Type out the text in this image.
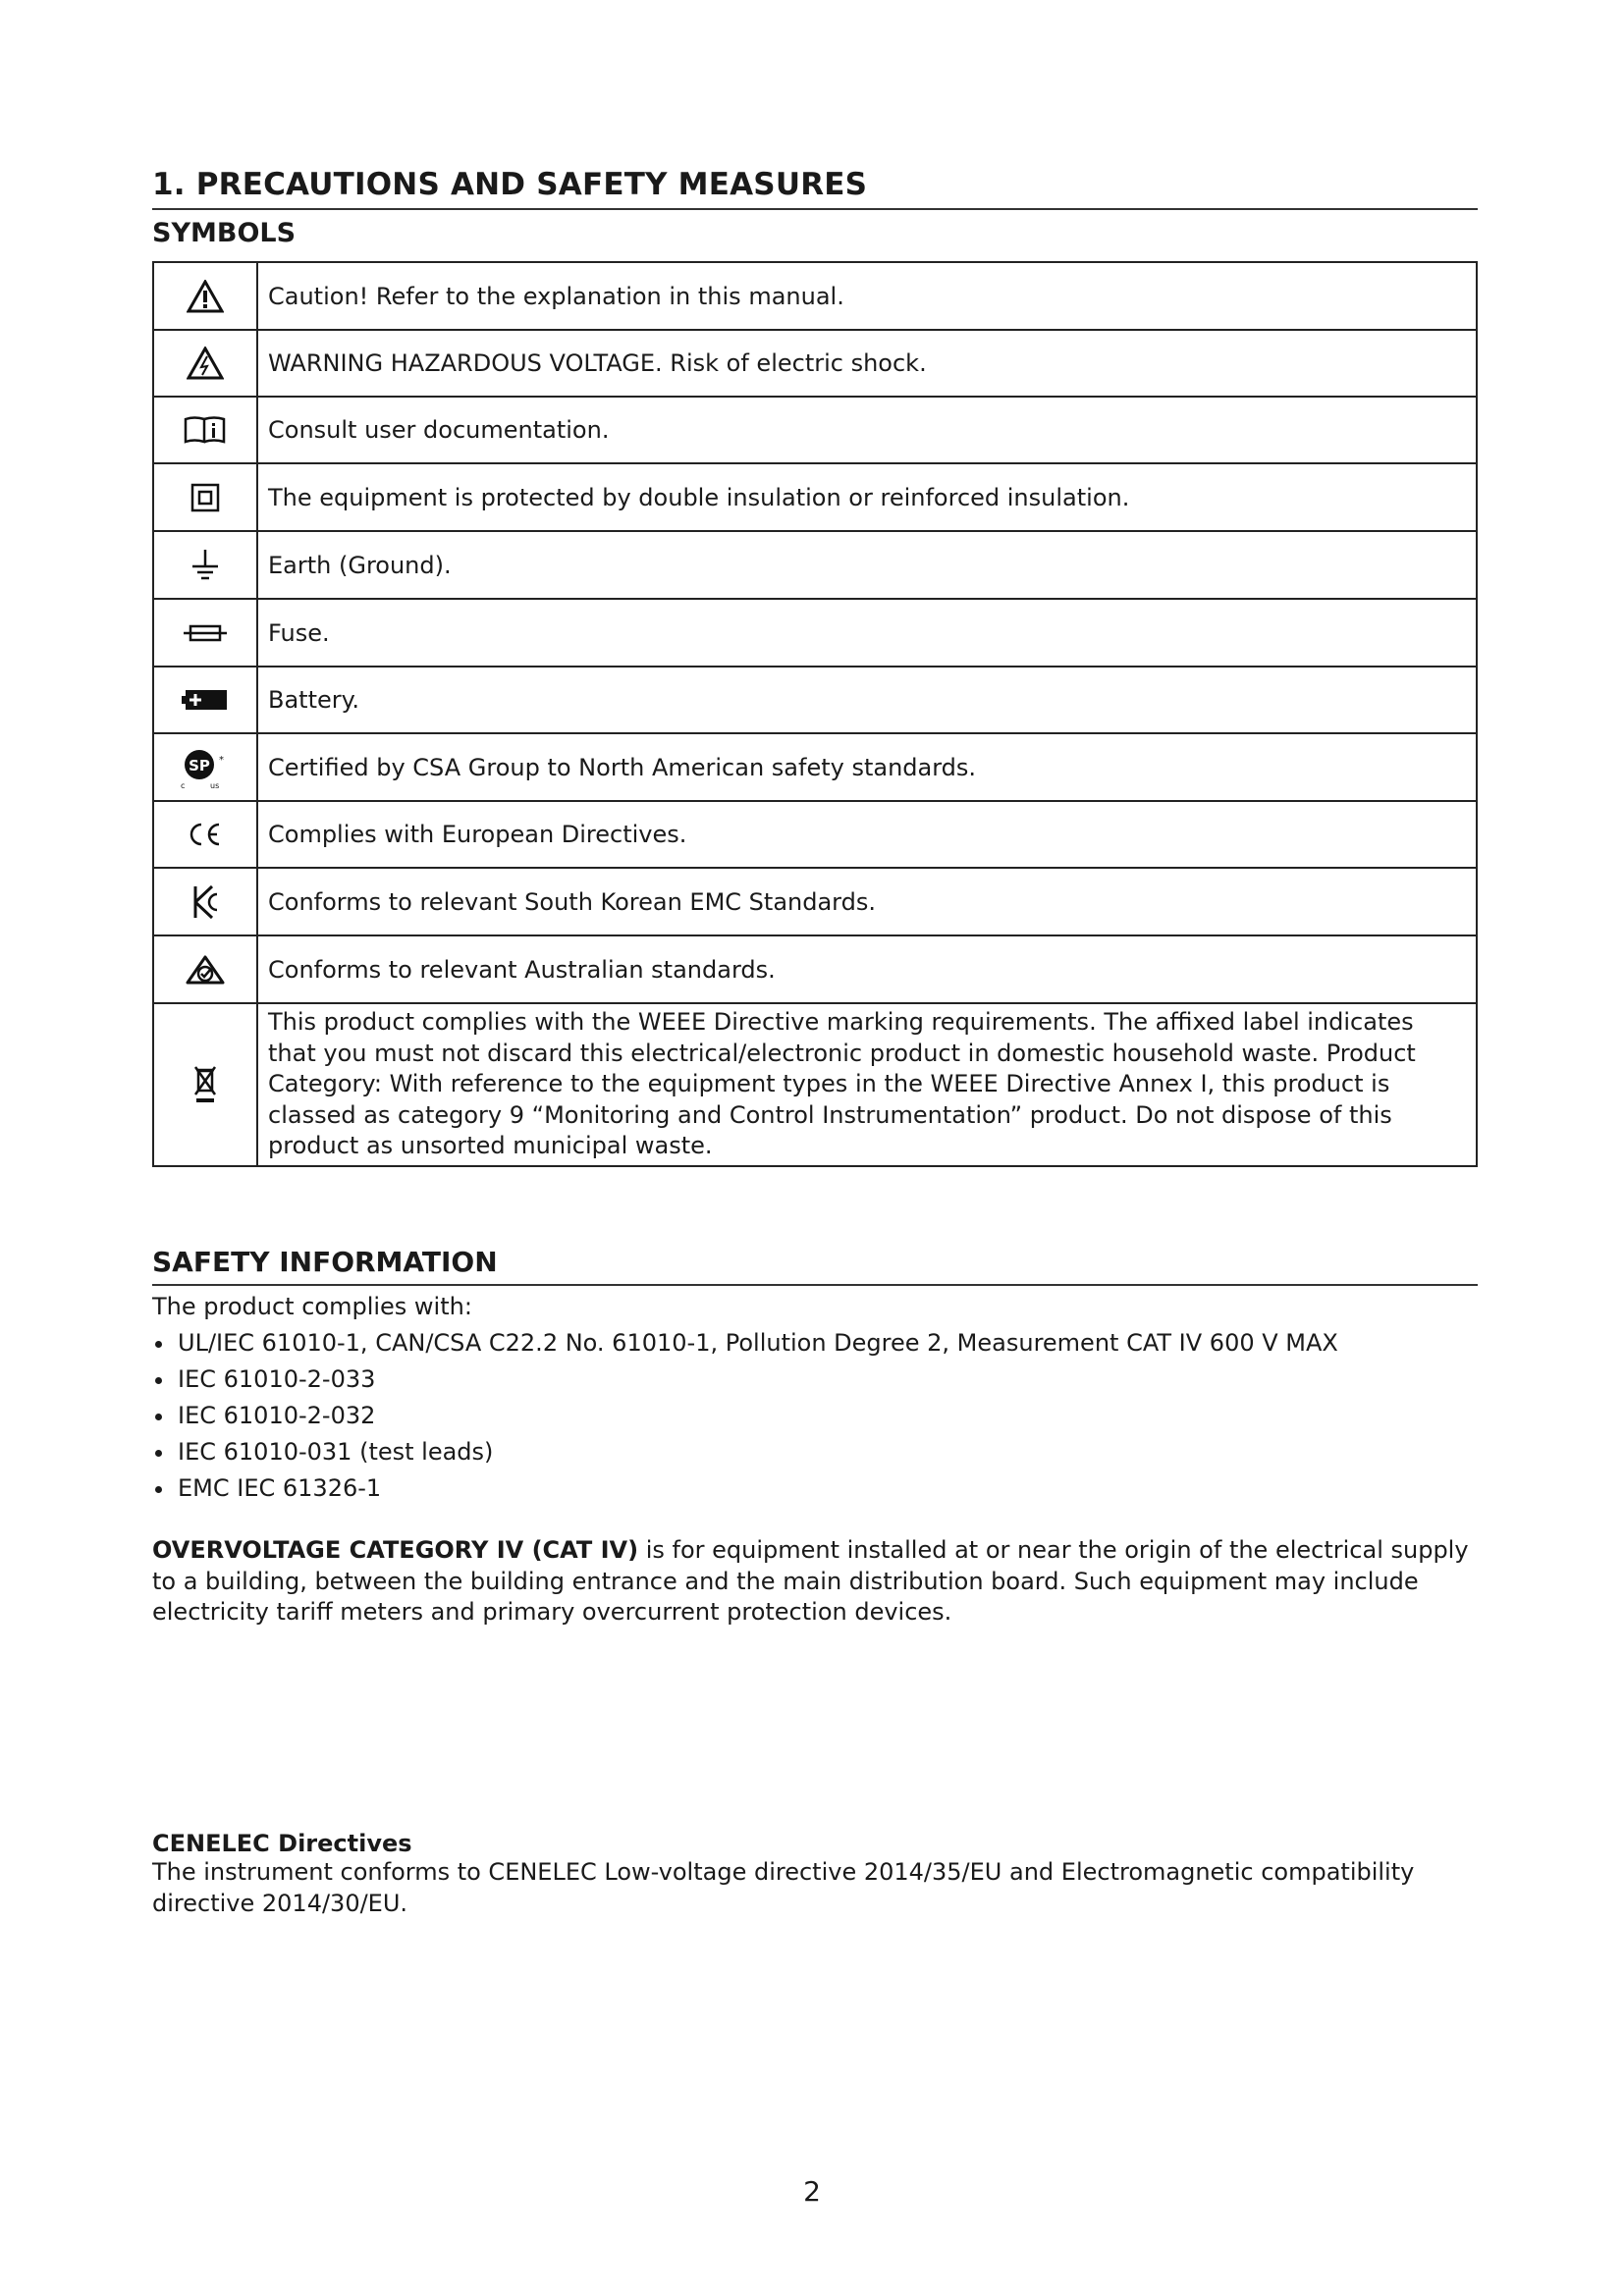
1. PRECAUTIONS AND SAFETY MEASURES
SYMBOLS
	Caution! Refer to the explanation in this manual.
	WARNING HAZARDOUS VOLTAGE. Risk of electric shock.
	Consult user documentation.
	The equipment is protected by double insulation or reinforced insulation.
	Earth (Ground).
	Fuse.
	Battery.

SP *
c us	Certified by CSA Group to North American safety standards.
	Complies with European Directives.
	Conforms to relevant South Korean EMC Standards.
	Conforms to relevant Australian standards.
	This product complies with the WEEE Directive marking requirements. The affixed label indicates that you must not discard this electrical/electronic product in domestic household waste. Product Category: With reference to the equipment types in the WEEE Directive Annex I, this product is classed as category 9 “Monitoring and Control Instrumentation” product. Do not dispose of this product as unsorted municipal waste.
SAFETY INFORMATION
The product complies with:
UL/IEC 61010-1, CAN/CSA C22.2 No. 61010-1, Pollution Degree 2, Measurement CAT IV 600 V MAX
IEC 61010-2-033
IEC 61010-2-032
IEC 61010-031 (test leads)
EMC IEC 61326-1
OVERVOLTAGE CATEGORY IV (CAT IV) is for equipment installed at or near the origin of the electrical supply to a building, between the building entrance and the main distribution board. Such equipment may include electricity tariff meters and primary overcurrent protection devices.
CENELEC Directives
The instrument conforms to CENELEC Low-voltage directive 2014/35/EU and Electromagnetic compatibility directive 2014/30/EU.
2
